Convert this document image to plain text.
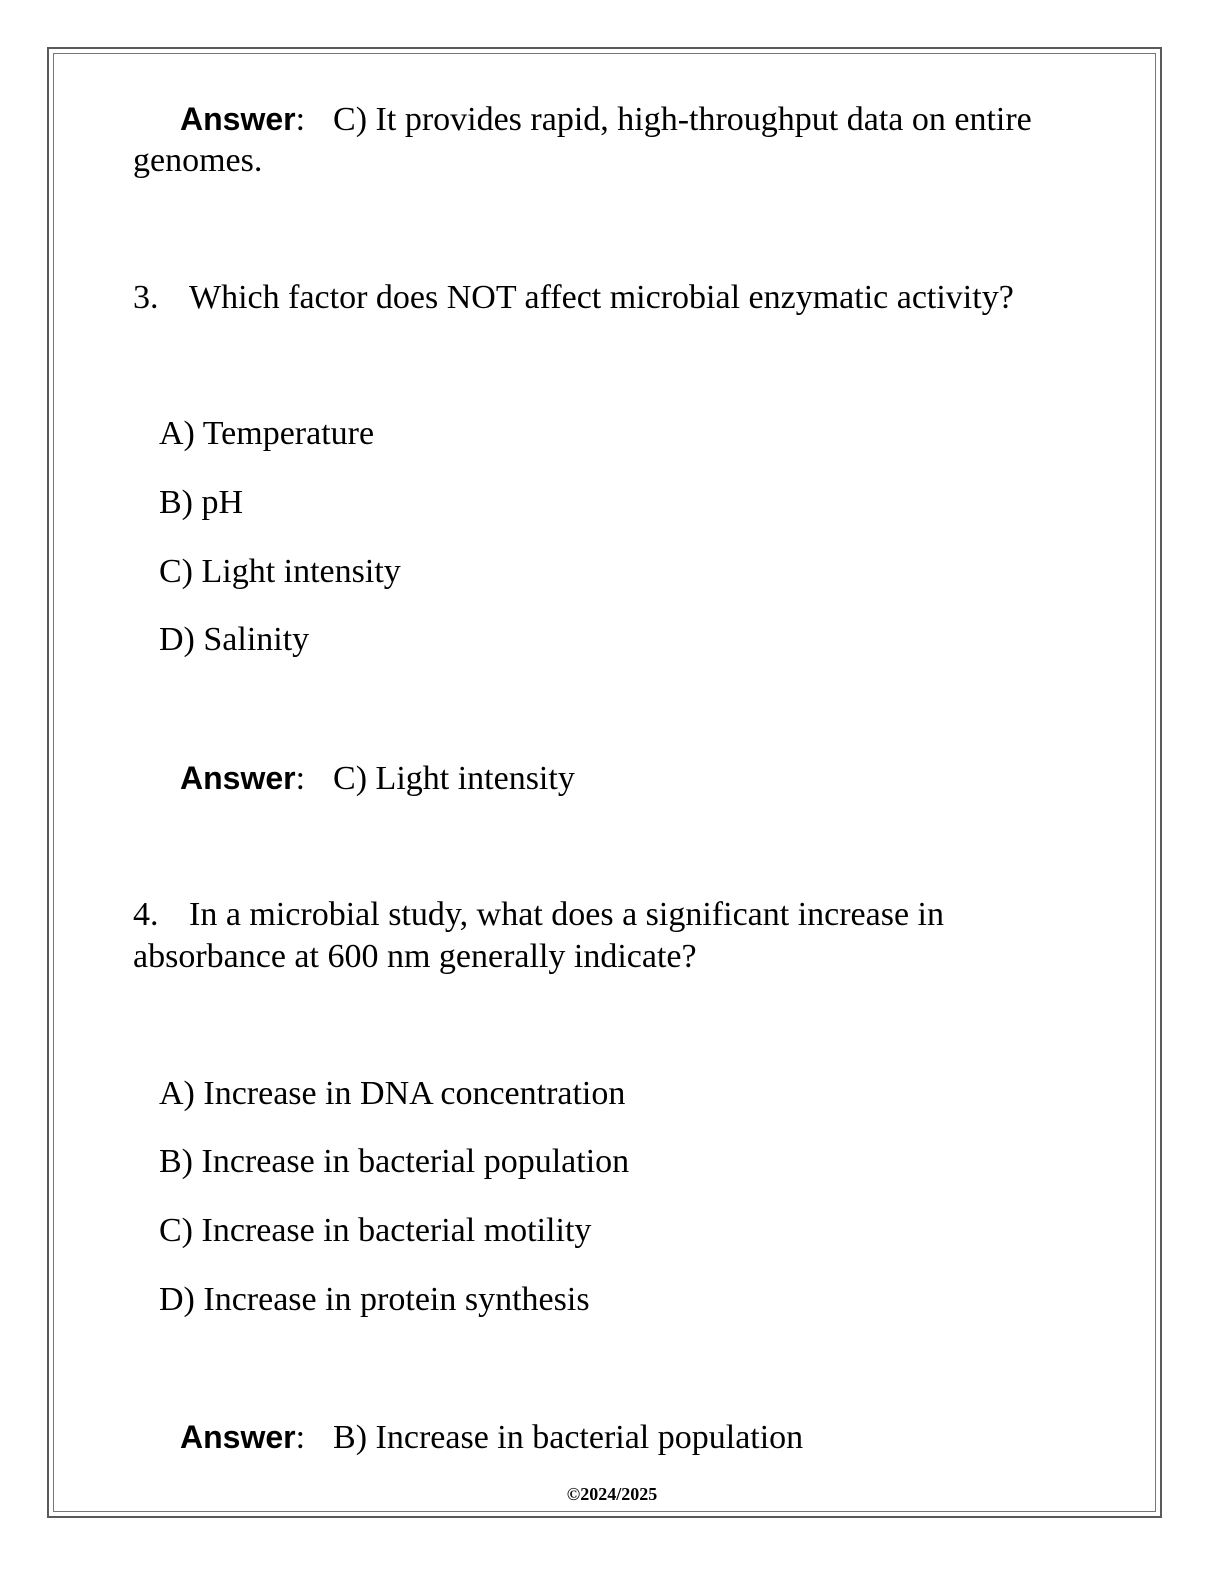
Answer: C) It provides rapid, high-throughput data on entire
genomes.
3. Which factor does NOT affect microbial enzymatic activity?
A) Temperature
B) pH
C) Light intensity
D) Salinity
Answer: C) Light intensity
4. In a microbial study, what does a significant increase in
absorbance at 600 nm generally indicate?
A) Increase in DNA concentration
B) Increase in bacterial population
C) Increase in bacterial motility
D) Increase in protein synthesis
Answer: B) Increase in bacterial population
©2024/2025
